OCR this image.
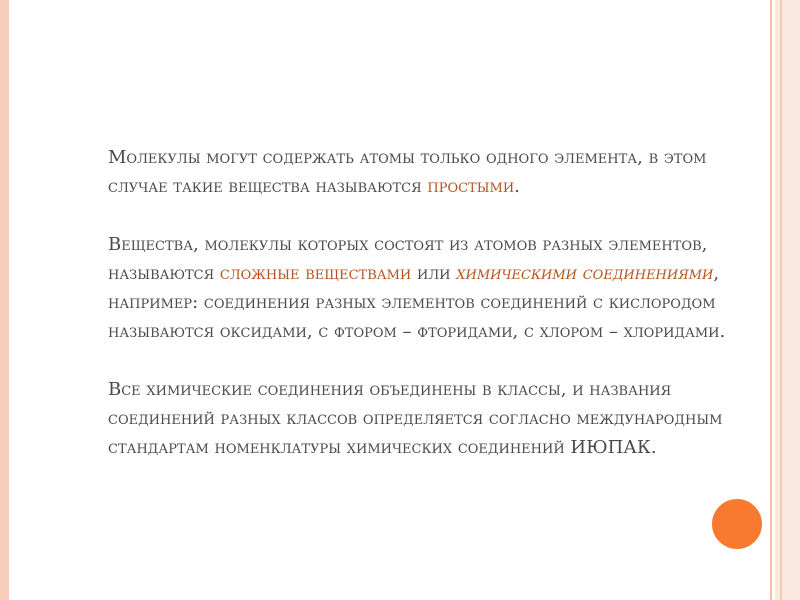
Молекулы могут содержать атомы только одного элемента, в этом случае такие вещества называются простыми.

Вещества, молекулы которых состоят из атомов разных элементов, называются сложные веществами или химическими соединениями, например: соединения разных элементов соединений с кислородом называются оксидами, с фтором – фторидами, с хлором – хлоридами.

Все химические соединения объединены в классы, и названия соединений разных классов определяется согласно международным стандартам номенклатуры химических соединений ИЮПАК.
